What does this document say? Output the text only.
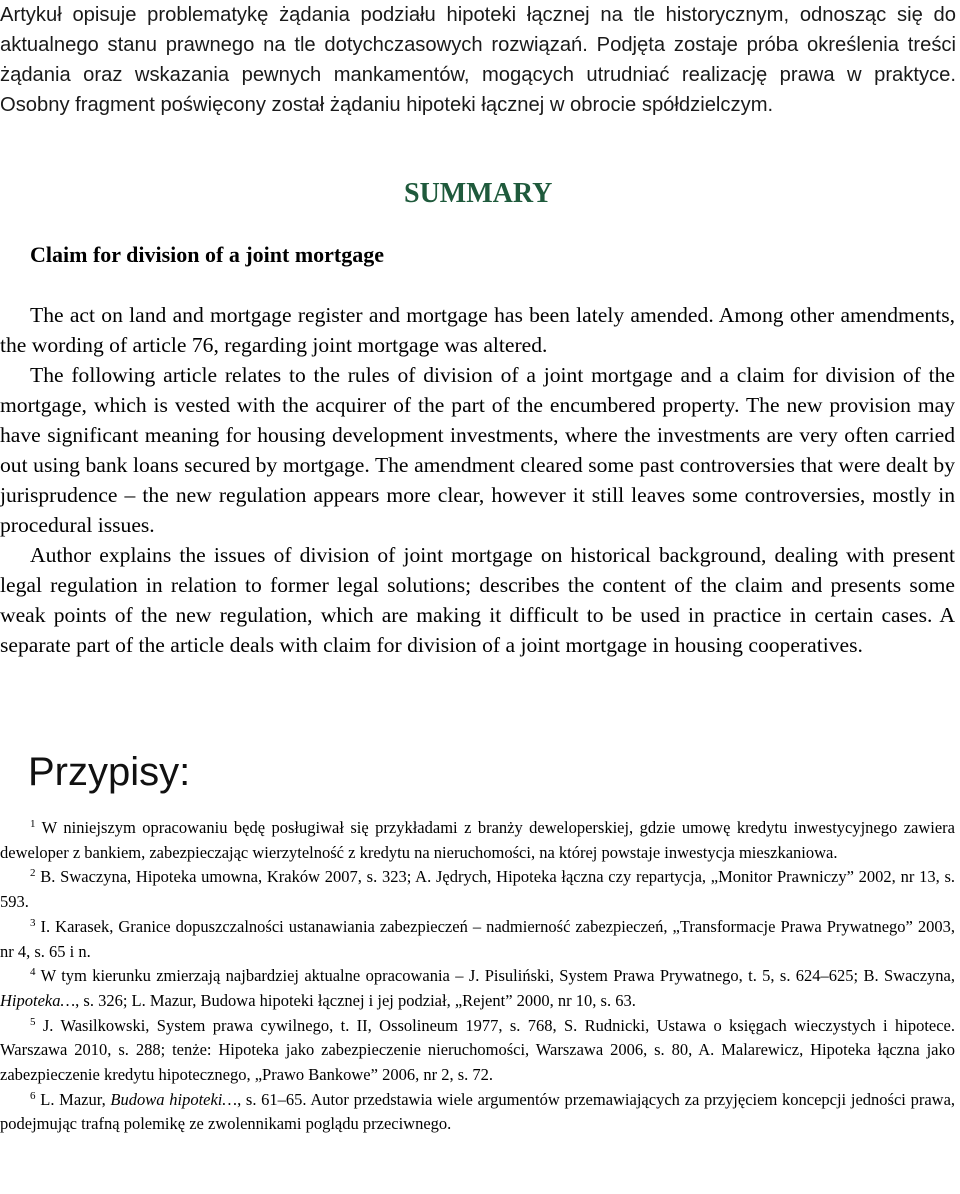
Artykuł opisuje problematykę żądania podziału hipoteki łącznej na tle historycznym, odnosząc się do aktualnego stanu prawnego na tle dotychczasowych rozwiązań. Podjęta zostaje próba określenia treści żądania oraz wskazania pewnych mankamentów, mogących utrudniać realizację prawa w praktyce. Osobny fragment poświęcony został żądaniu hipoteki łącznej w obrocie spółdzielczym.
SUMMARY
Claim for division of a joint mortgage

The act on land and mortgage register and mortgage has been lately amended. Among other amendments, the wording of article 76, regarding joint mortgage was altered.

The following article relates to the rules of division of a joint mortgage and a claim for division of the mortgage, which is vested with the acquirer of the part of the encumbered property. The new provision may have significant meaning for housing development investments, where the investments are very often carried out using bank loans secured by mortgage. The amendment cleared some past controversies that were dealt by jurisprudence – the new regulation appears more clear, however it still leaves some controversies, mostly in procedural issues.

Author explains the issues of division of joint mortgage on historical background, dealing with present legal regulation in relation to former legal solutions; describes the content of the claim and presents some weak points of the new regulation, which are making it difficult to be used in practice in certain cases. A separate part of the article deals with claim for division of a joint mortgage in housing cooperatives.

Przypisy:

$^1$ W niniejszym opracowaniu będę posługiwał się przykładami z branży deweloperskiej, gdzie umowę kredytu inwestycyjnego zawiera deweloper z bankiem, zabezpieczając wierzytelność z kredytu na nieruchomości, na której powstaje inwestycja mieszkaniowa.

$^2$ B. Swaczyna, Hipoteka umowna, Kraków 2007, s. 323; A. Jędrych, Hipoteka łączna czy repartycja, „Monitor Prawniczy” 2002, nr 13, s. 593.

$^3$ I. Karasek, Granice dopuszczalności ustanawiania zabezpieczeń – nadmierność zabezpieczeń, „Transformacje Prawa Prywatnego” 2003, nr 4, s. 65 i n.

$^4$ W tym kierunku zmierzają najbardziej aktualne opracowania – J. Pisuliński, System Prawa Prywatnego, t. 5, s. 624–625; B. Swaczyna, Hipoteka…, s. 326; L. Mazur, Budowa hipoteki łącznej i jej podział, „Rejent” 2000, nr 10, s. 63.

$^5$ J. Wasilkowski, System prawa cywilnego, t. II, Ossolineum 1977, s. 768, S. Rudnicki, Ustawa o księgach wieczystych i hipotece. Warszawa 2010, s. 288; tenże: Hipoteka jako zabezpieczenie nieruchomości, Warszawa 2006, s. 80, A. Malarewicz, Hipoteka łączna jako zabezpieczenie kredytu hipotecznego, „Prawo Bankowe” 2006, nr 2, s. 72.

$^6$ L. Mazur, Budowa hipoteki…, s. 61–65. Autor przedstawia wiele argumentów przemawiających za przyjęciem koncepcji jedności prawa, podejmując trafną polemikę ze zwolennikami poglądu przeciwnego.
